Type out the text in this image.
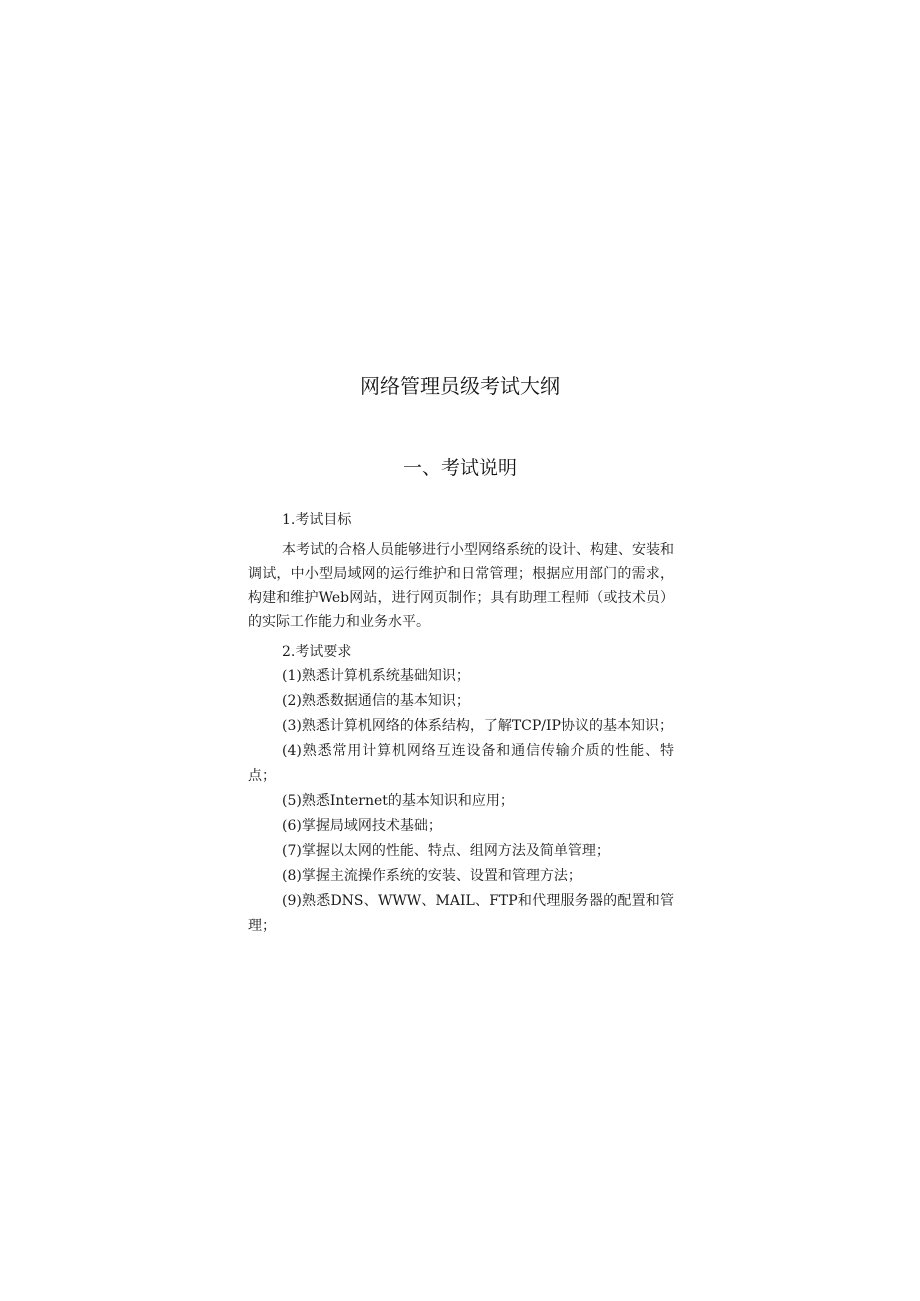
网络管理员级考试大纲
一、考试说明

1.考试目标

本考试的合格人员能够进行小型网络系统的设计、构建、安装和调试，中小型局域网的运行维护和日常管理；根据应用部门的需求，构建和维护Web网站，进行网页制作；具有助理工程师（或技术员）的实际工作能力和业务水平。

2.考试要求

(1)熟悉计算机系统基础知识；

(2)熟悉数据通信的基本知识；

(3)熟悉计算机网络的体系结构，了解TCP/IP协议的基本知识；

(4)熟悉常用计算机网络互连设备和通信传输介质的性能、特点；

(5)熟悉Internet的基本知识和应用；

(6)掌握局域网技术基础；

(7)掌握以太网的性能、特点、组网方法及简单管理；

(8)掌握主流操作系统的安装、设置和管理方法；

(9)熟悉DNS、WWW、MAIL、FTP和代理服务器的配置和管理；
